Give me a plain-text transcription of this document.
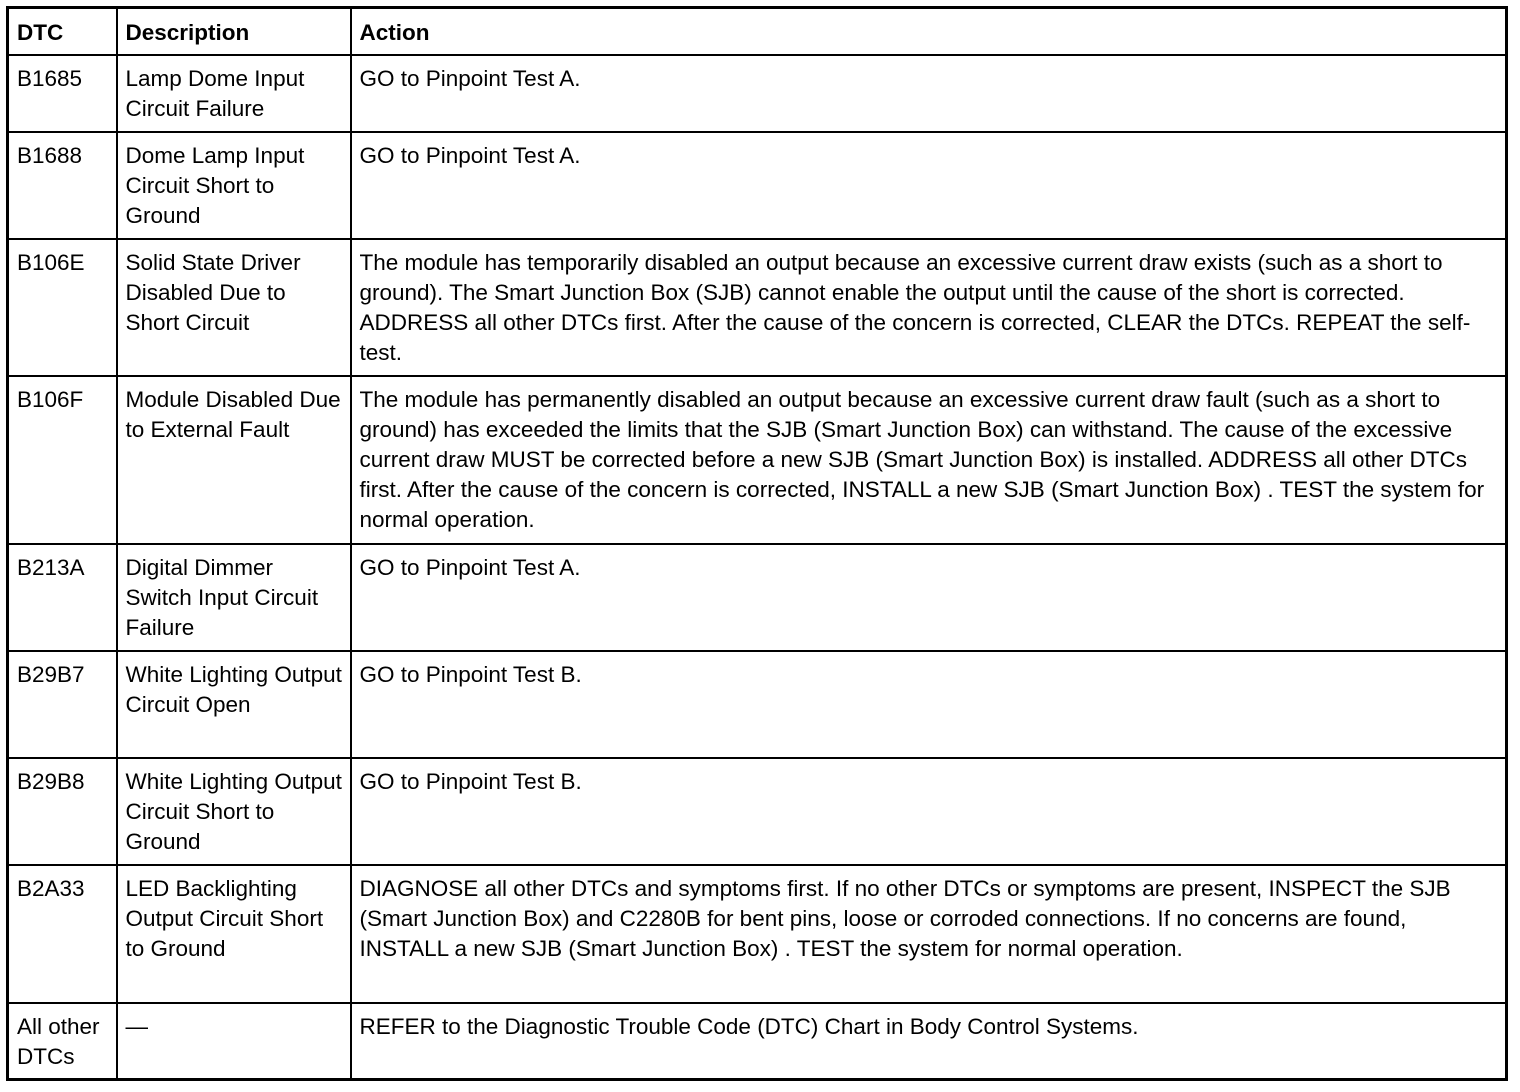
DTC	Description	Action
B1685	Lamp Dome Input Circuit Failure	GO to Pinpoint Test A.
B1688	Dome Lamp Input Circuit Short to Ground	GO to Pinpoint Test A.
B106E	Solid State Driver Disabled Due to Short Circuit	The module has temporarily disabled an output because an excessive current draw exists (such as a short to ground). The Smart Junction Box (SJB) cannot enable the output until the cause of the short is corrected. ADDRESS all other DTCs first. After the cause of the concern is corrected, CLEAR the DTCs. REPEAT the self-test.
B106F	Module Disabled Due to External Fault	The module has permanently disabled an output because an excessive current draw fault (such as a short to ground) has exceeded the limits that the SJB (Smart Junction Box) can withstand. The cause of the excessive current draw MUST be corrected before a new SJB (Smart Junction Box) is installed. ADDRESS all other DTCs first. After the cause of the concern is corrected, INSTALL a new SJB (Smart Junction Box) . TEST the system for normal operation.
B213A	Digital Dimmer Switch Input Circuit Failure	GO to Pinpoint Test A.
B29B7	White Lighting Output Circuit Open	GO to Pinpoint Test B.
B29B8	White Lighting Output Circuit Short to Ground	GO to Pinpoint Test B.
B2A33	LED Backlighting Output Circuit Short to Ground	DIAGNOSE all other DTCs and symptoms first. If no other DTCs or symptoms are present, INSPECT the SJB (Smart Junction Box) and C2280B for bent pins, loose or corroded connections. If no concerns are found, INSTALL a new SJB (Smart Junction Box) . TEST the system for normal operation.
All other DTCs	—	REFER to the Diagnostic Trouble Code (DTC) Chart in Body Control Systems.
